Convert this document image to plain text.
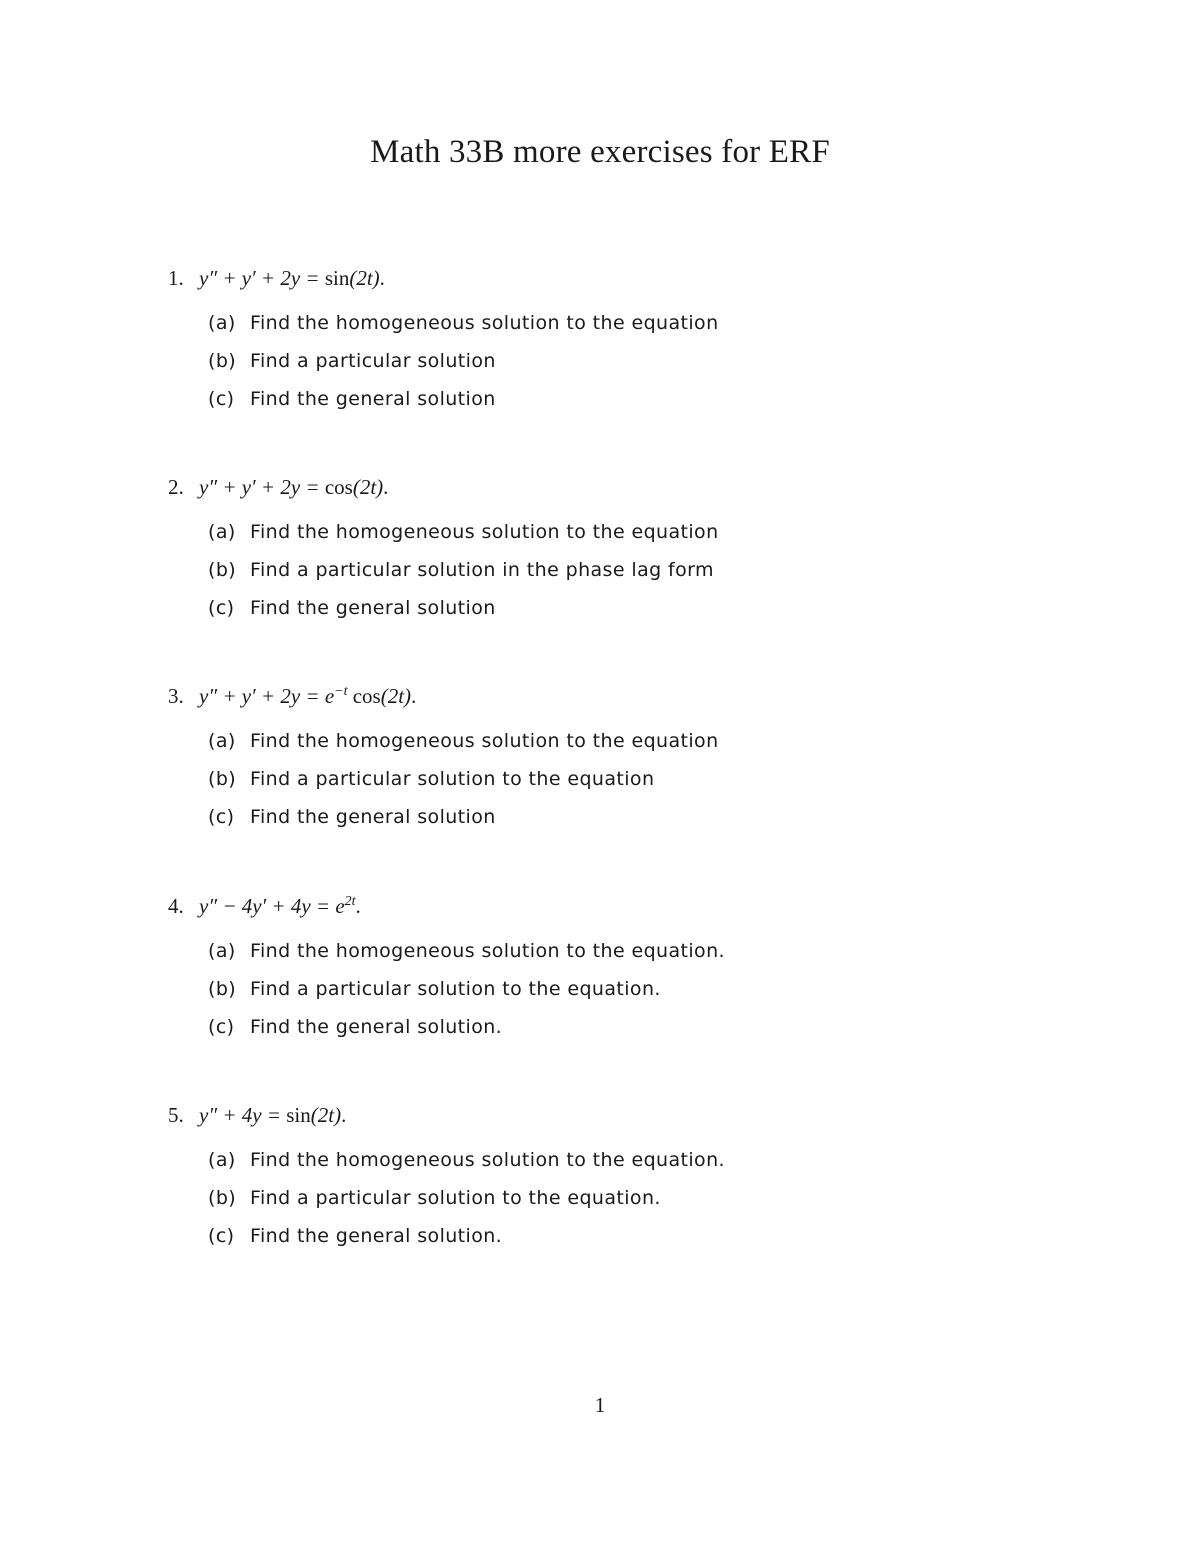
Math 33B more exercises for ERF
1. y″ + y′ + 2y = sin(2t).
(a) Find the homogeneous solution to the equation
(b) Find a particular solution
(c) Find the general solution
2. y″ + y′ + 2y = cos(2t).
(a) Find the homogeneous solution to the equation
(b) Find a particular solution in the phase lag form
(c) Find the general solution
3. $y'' + y' + 2y = e^{-t}$ cos(2t).
(a) Find the homogeneous solution to the equation
(b) Find a particular solution to the equation
(c) Find the general solution
4. $y'' - 4y' + 4y = e^{2t}$.
(a) Find the homogeneous solution to the equation.
(b) Find a particular solution to the equation.
(c) Find the general solution.
5. y″ + 4y = sin(2t).
(a) Find the homogeneous solution to the equation.
(b) Find a particular solution to the equation.
(c) Find the general solution.
1
